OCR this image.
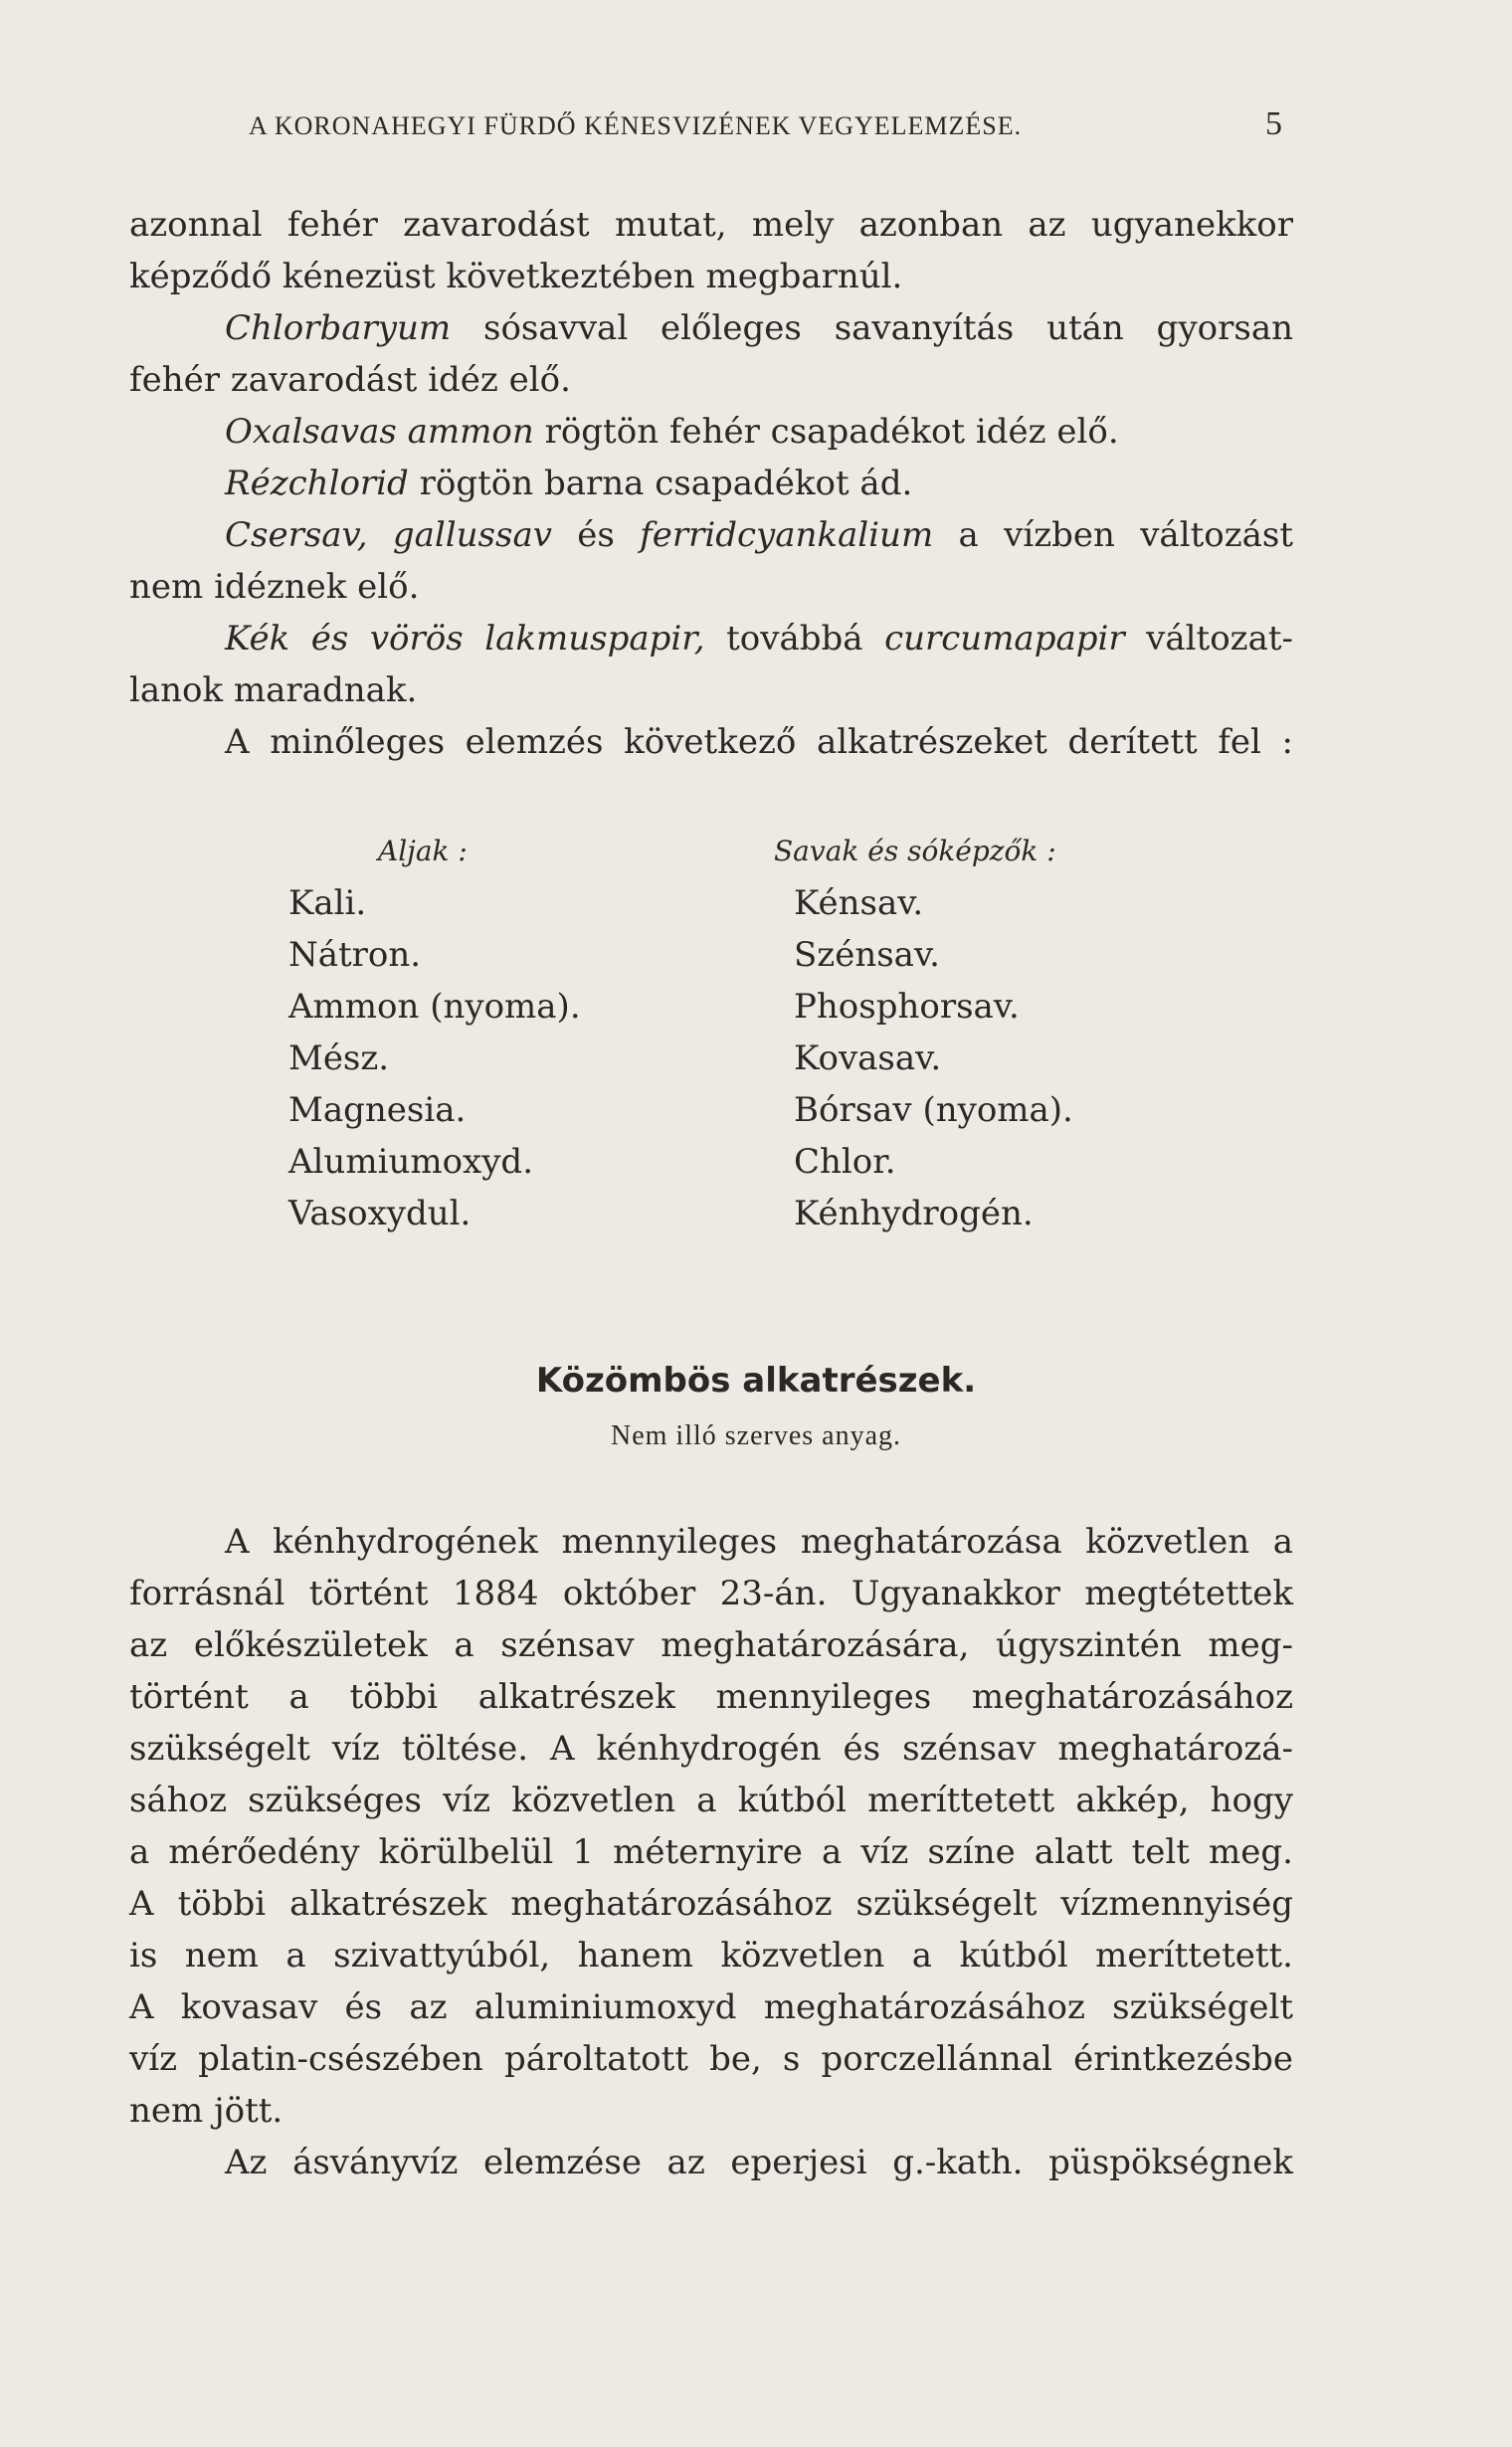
A KORONAHEGYI FÜRDŐ KÉNESVIZÉNEK VEGYELEMZÉSE.	5
azonnal fehér zavarodást mutat, mely azonban az ugyanekkor
képződő kénezüst következtében megbarnúl.
Chlorbaryum sósavval előleges savanyítás után gyorsan
fehér zavarodást idéz elő.
Oxalsavas ammon rögtön fehér csapadékot idéz elő.
Rézchlorid rögtön barna csapadékot ád.
Csersav, gallussav és ferridcyankalium a vízben változást
nem idéznek elő.
Kék és vörös lakmuspapir, továbbá curcumapapir változat-
lanok maradnak.
A minőleges elemzés következő alkatrészeket derített fel :
Aljak :
Kali.
Nátron.
Ammon (nyoma).
Mész.
Magnesia.
Alumiumoxyd.
Vasoxydul.
Savak és sóképzők :
Kénsav.
Szénsav.
Phosphorsav.
Kovasav.
Bórsav (nyoma).
Chlor.
Kénhydrogén.
Közömbös alkatrészek.
Nem illó szerves anyag.
A kénhydrogének mennyileges meghatározása közvetlen a
forrásnál történt 1884 október 23-án. Ugyanakkor megtétettek
az előkészületek a szénsav meghatározására, úgyszintén meg-
történt a többi alkatrészek mennyileges meghatározásához
szükségelt víz töltése. A kénhydrogén és szénsav meghatározá-
sához szükséges víz közvetlen a kútból meríttetett akkép, hogy
a mérőedény körülbelül 1 méternyire a víz színe alatt telt meg.
A többi alkatrészek meghatározásához szükségelt vízmennyiség
is nem a szivattyúból, hanem közvetlen a kútból meríttetett.
A kovasav és az aluminiumoxyd meghatározásához szükségelt
víz platin-csészében pároltatott be, s porczellánnal érintkezésbe
nem jött.
Az ásványvíz elemzése az eperjesi g.-kath. püspökségnek
